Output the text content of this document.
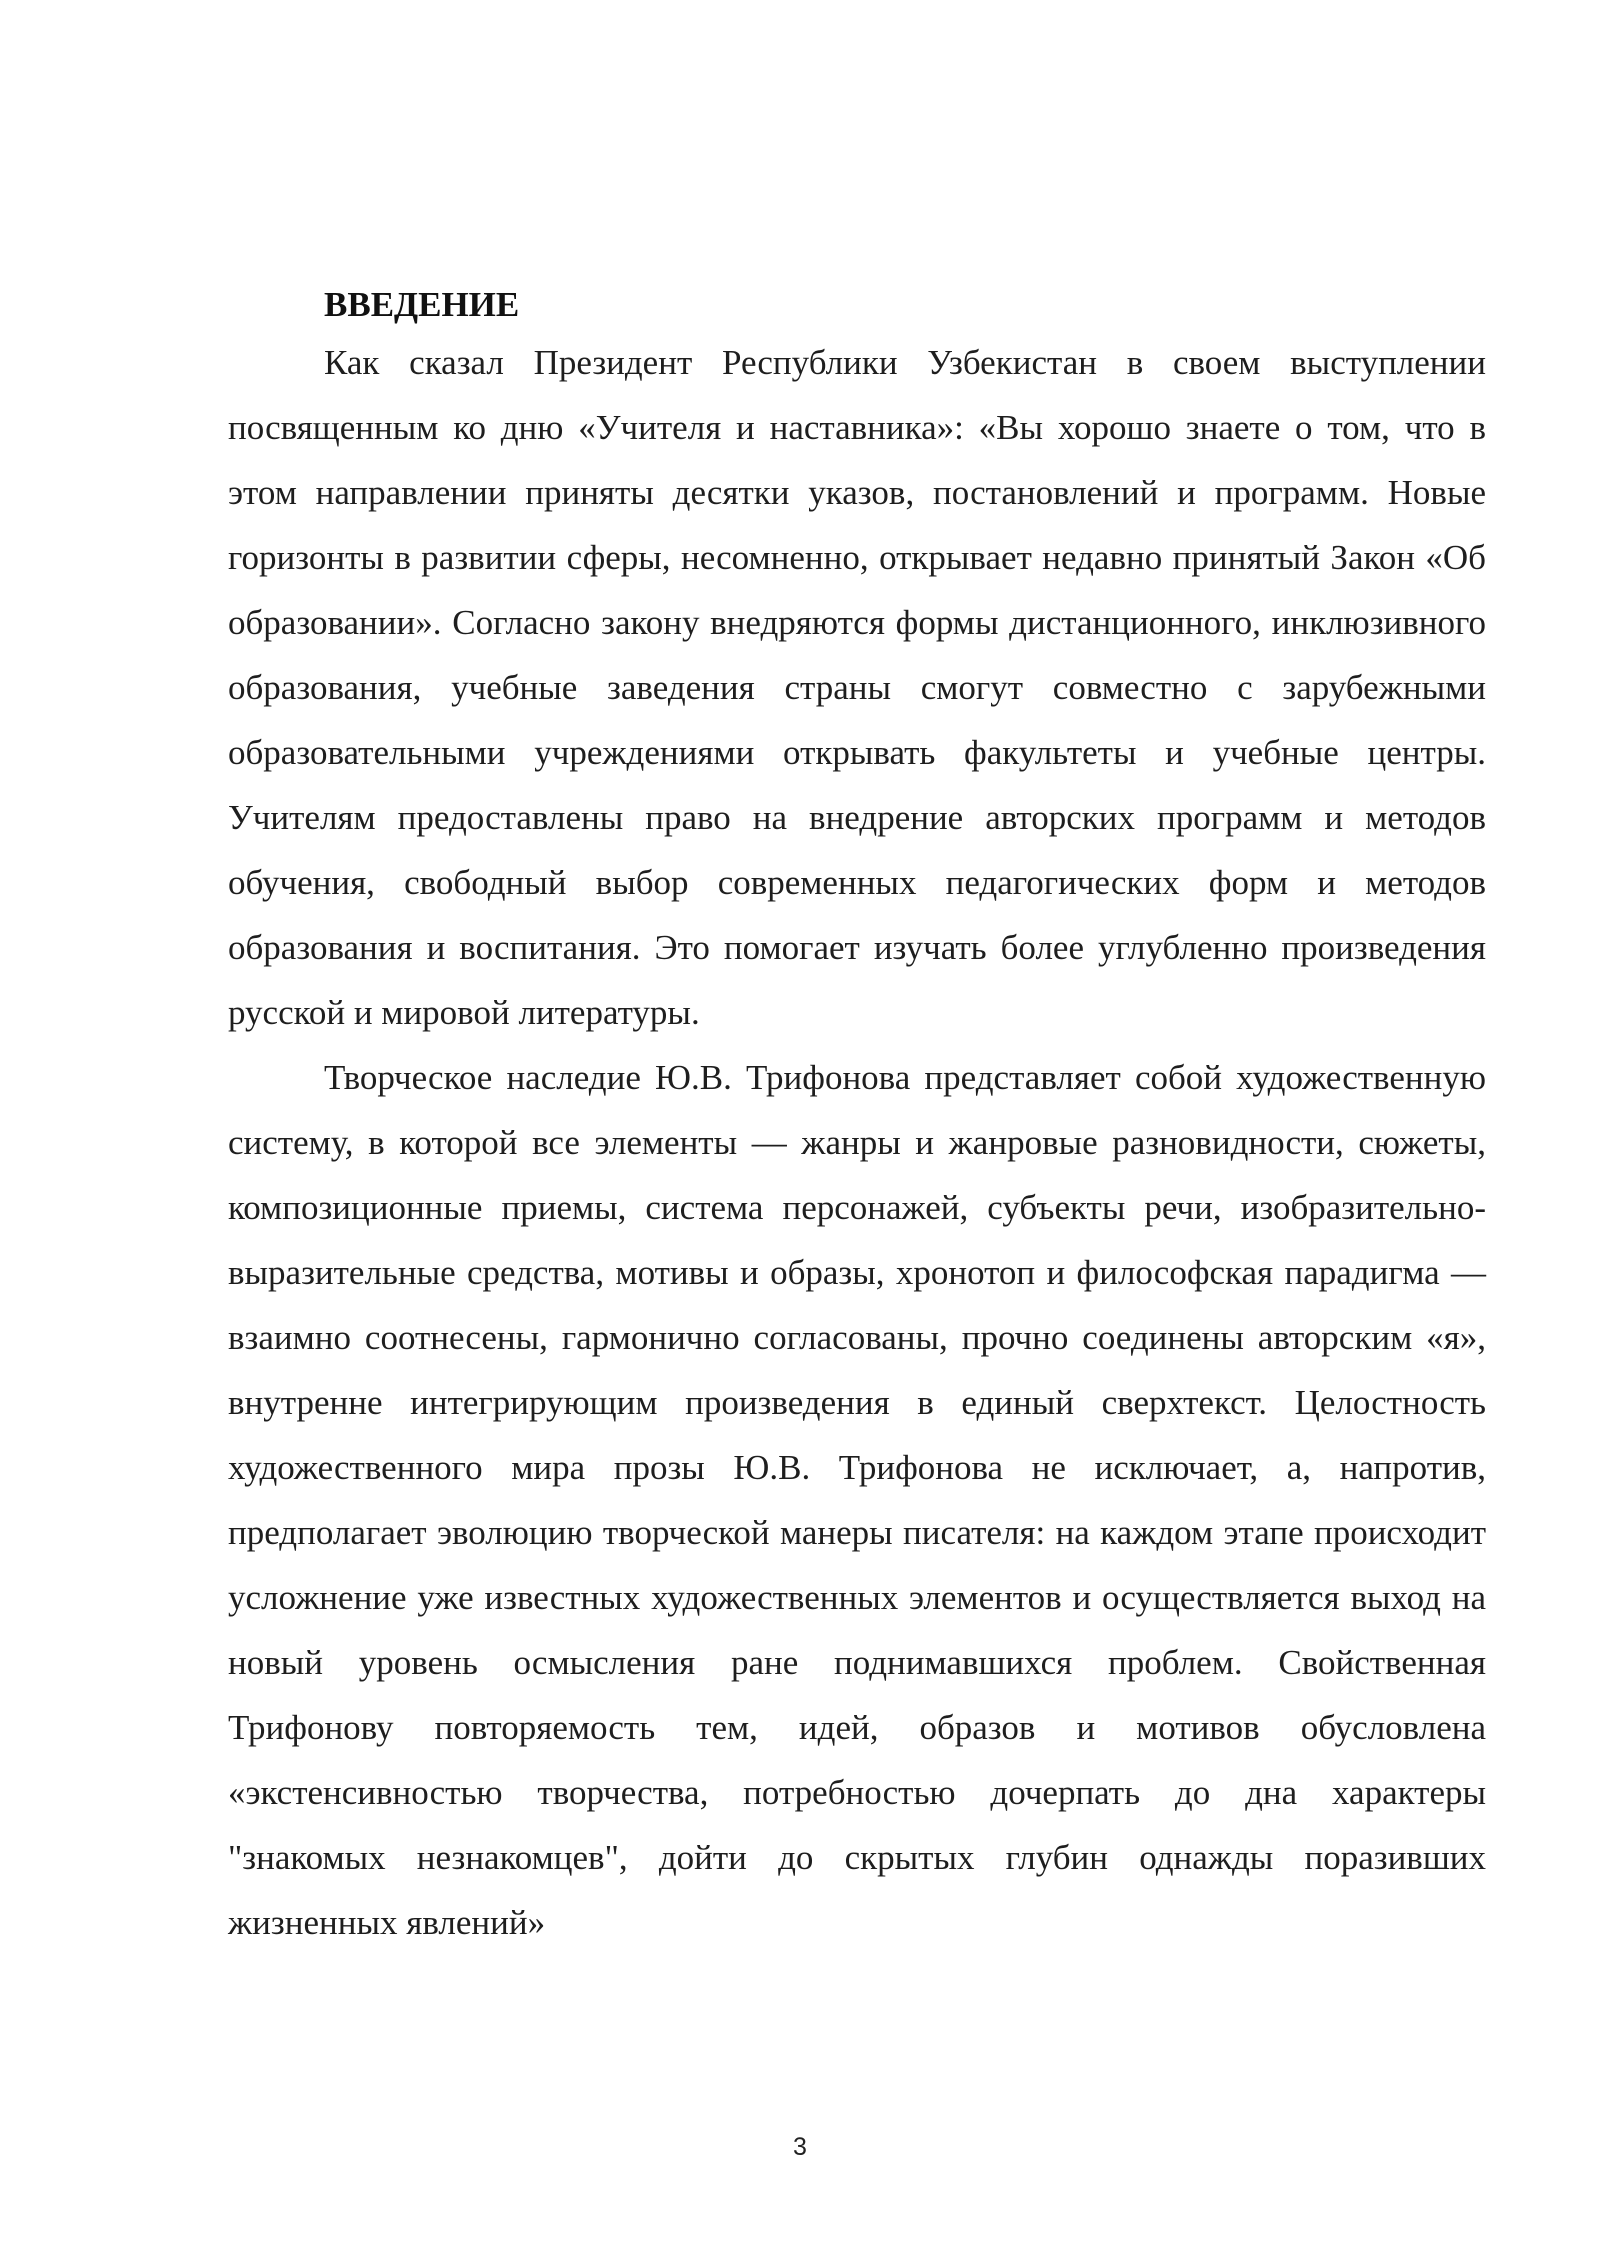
ВВЕДЕНИЕ

Как сказал Президент Республики Узбекистан в своем выступлении посвященным ко дню «Учителя и наставника»: «Вы хорошо знаете о том, что в этом направлении приняты десятки указов, постановлений и программ. Новые горизонты в развитии сферы, несомненно, открывает недавно принятый Закон «Об образовании». Согласно закону внедряются формы дистанционного, инклюзивного образования, учебные заведения страны смогут совместно с зарубежными образовательными учреждениями открывать факультеты и учебные центры. Учителям предоставлены право на внедрение авторских программ и методов обучения, свободный выбор современных педагогических форм и методов образования и воспитания. Это помогает изучать более углубленно произведения русской и мировой литературы.

Творческое наследие Ю.В. Трифонова представляет собой художественную систему, в которой все элементы — жанры и жанровые разновидности, сюжеты, композиционные приемы, система персонажей, субъекты речи, изобразительно-выразительные средства, мотивы и образы, хронотоп и философская парадигма — взаимно соотнесены, гармонично согласованы, прочно соединены авторским «я», внутренне интегрирующим произведения в единый сверхтекст. Целостность художественного мира прозы Ю.В. Трифонова не исключает, а, напротив, предполагает эволюцию творческой манеры писателя: на каждом этапе происходит усложнение уже известных художественных элементов и осуществляется выход на новый уровень осмысления ране поднимавшихся проблем. Свойственная Трифонову повторяемость тем, идей, образов и мотивов обусловлена «экстенсивностью творчества, потребностью дочерпать до дна характеры "знакомых незнакомцев", дойти до скрытых глубин однажды поразивших жизненных явлений»

3
